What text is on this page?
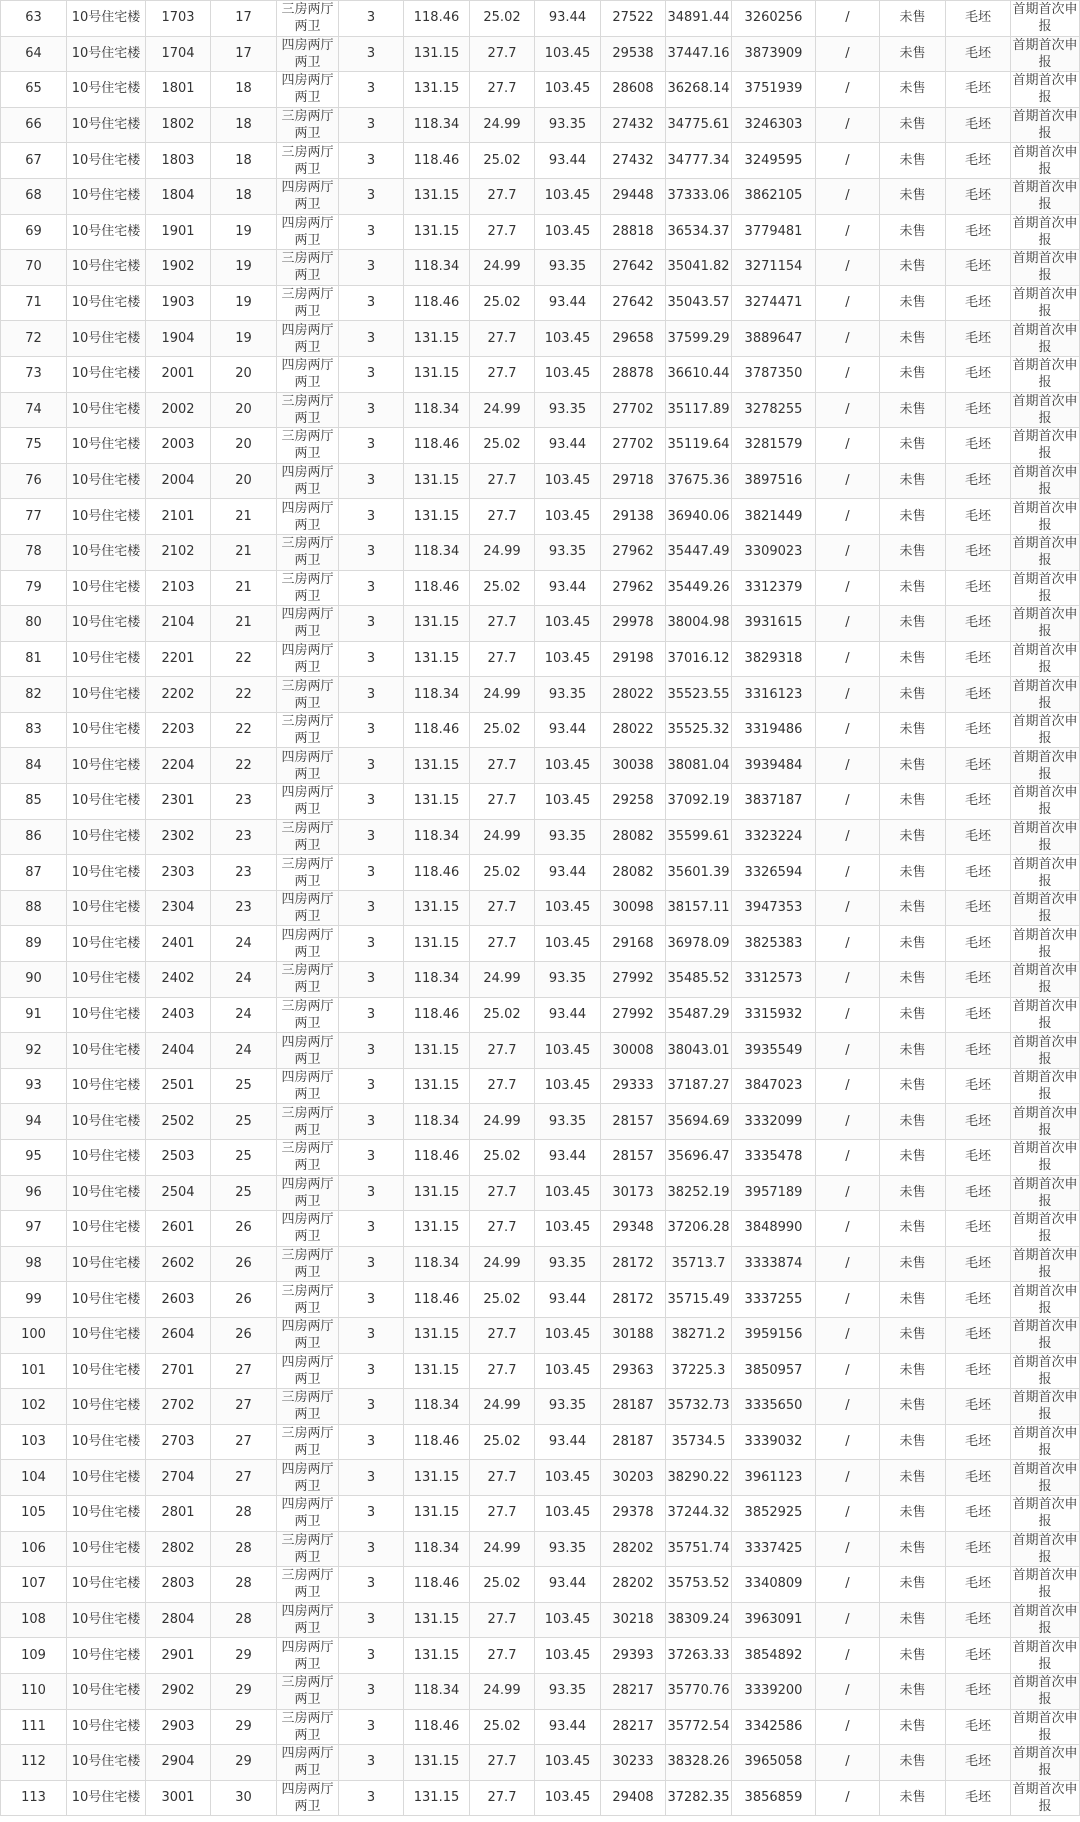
63	10号住宅楼	1703	17	三房两厅两卫	3	118.46	25.02	93.44	27522	34891.44	3260256	/	未售	毛坯	首期首次申报
64	10号住宅楼	1704	17	四房两厅两卫	3	131.15	27.7	103.45	29538	37447.16	3873909	/	未售	毛坯	首期首次申报
65	10号住宅楼	1801	18	四房两厅两卫	3	131.15	27.7	103.45	28608	36268.14	3751939	/	未售	毛坯	首期首次申报
66	10号住宅楼	1802	18	三房两厅两卫	3	118.34	24.99	93.35	27432	34775.61	3246303	/	未售	毛坯	首期首次申报
67	10号住宅楼	1803	18	三房两厅两卫	3	118.46	25.02	93.44	27432	34777.34	3249595	/	未售	毛坯	首期首次申报
68	10号住宅楼	1804	18	四房两厅两卫	3	131.15	27.7	103.45	29448	37333.06	3862105	/	未售	毛坯	首期首次申报
69	10号住宅楼	1901	19	四房两厅两卫	3	131.15	27.7	103.45	28818	36534.37	3779481	/	未售	毛坯	首期首次申报
70	10号住宅楼	1902	19	三房两厅两卫	3	118.34	24.99	93.35	27642	35041.82	3271154	/	未售	毛坯	首期首次申报
71	10号住宅楼	1903	19	三房两厅两卫	3	118.46	25.02	93.44	27642	35043.57	3274471	/	未售	毛坯	首期首次申报
72	10号住宅楼	1904	19	四房两厅两卫	3	131.15	27.7	103.45	29658	37599.29	3889647	/	未售	毛坯	首期首次申报
73	10号住宅楼	2001	20	四房两厅两卫	3	131.15	27.7	103.45	28878	36610.44	3787350	/	未售	毛坯	首期首次申报
74	10号住宅楼	2002	20	三房两厅两卫	3	118.34	24.99	93.35	27702	35117.89	3278255	/	未售	毛坯	首期首次申报
75	10号住宅楼	2003	20	三房两厅两卫	3	118.46	25.02	93.44	27702	35119.64	3281579	/	未售	毛坯	首期首次申报
76	10号住宅楼	2004	20	四房两厅两卫	3	131.15	27.7	103.45	29718	37675.36	3897516	/	未售	毛坯	首期首次申报
77	10号住宅楼	2101	21	四房两厅两卫	3	131.15	27.7	103.45	29138	36940.06	3821449	/	未售	毛坯	首期首次申报
78	10号住宅楼	2102	21	三房两厅两卫	3	118.34	24.99	93.35	27962	35447.49	3309023	/	未售	毛坯	首期首次申报
79	10号住宅楼	2103	21	三房两厅两卫	3	118.46	25.02	93.44	27962	35449.26	3312379	/	未售	毛坯	首期首次申报
80	10号住宅楼	2104	21	四房两厅两卫	3	131.15	27.7	103.45	29978	38004.98	3931615	/	未售	毛坯	首期首次申报
81	10号住宅楼	2201	22	四房两厅两卫	3	131.15	27.7	103.45	29198	37016.12	3829318	/	未售	毛坯	首期首次申报
82	10号住宅楼	2202	22	三房两厅两卫	3	118.34	24.99	93.35	28022	35523.55	3316123	/	未售	毛坯	首期首次申报
83	10号住宅楼	2203	22	三房两厅两卫	3	118.46	25.02	93.44	28022	35525.32	3319486	/	未售	毛坯	首期首次申报
84	10号住宅楼	2204	22	四房两厅两卫	3	131.15	27.7	103.45	30038	38081.04	3939484	/	未售	毛坯	首期首次申报
85	10号住宅楼	2301	23	四房两厅两卫	3	131.15	27.7	103.45	29258	37092.19	3837187	/	未售	毛坯	首期首次申报
86	10号住宅楼	2302	23	三房两厅两卫	3	118.34	24.99	93.35	28082	35599.61	3323224	/	未售	毛坯	首期首次申报
87	10号住宅楼	2303	23	三房两厅两卫	3	118.46	25.02	93.44	28082	35601.39	3326594	/	未售	毛坯	首期首次申报
88	10号住宅楼	2304	23	四房两厅两卫	3	131.15	27.7	103.45	30098	38157.11	3947353	/	未售	毛坯	首期首次申报
89	10号住宅楼	2401	24	四房两厅两卫	3	131.15	27.7	103.45	29168	36978.09	3825383	/	未售	毛坯	首期首次申报
90	10号住宅楼	2402	24	三房两厅两卫	3	118.34	24.99	93.35	27992	35485.52	3312573	/	未售	毛坯	首期首次申报
91	10号住宅楼	2403	24	三房两厅两卫	3	118.46	25.02	93.44	27992	35487.29	3315932	/	未售	毛坯	首期首次申报
92	10号住宅楼	2404	24	四房两厅两卫	3	131.15	27.7	103.45	30008	38043.01	3935549	/	未售	毛坯	首期首次申报
93	10号住宅楼	2501	25	四房两厅两卫	3	131.15	27.7	103.45	29333	37187.27	3847023	/	未售	毛坯	首期首次申报
94	10号住宅楼	2502	25	三房两厅两卫	3	118.34	24.99	93.35	28157	35694.69	3332099	/	未售	毛坯	首期首次申报
95	10号住宅楼	2503	25	三房两厅两卫	3	118.46	25.02	93.44	28157	35696.47	3335478	/	未售	毛坯	首期首次申报
96	10号住宅楼	2504	25	四房两厅两卫	3	131.15	27.7	103.45	30173	38252.19	3957189	/	未售	毛坯	首期首次申报
97	10号住宅楼	2601	26	四房两厅两卫	3	131.15	27.7	103.45	29348	37206.28	3848990	/	未售	毛坯	首期首次申报
98	10号住宅楼	2602	26	三房两厅两卫	3	118.34	24.99	93.35	28172	35713.7	3333874	/	未售	毛坯	首期首次申报
99	10号住宅楼	2603	26	三房两厅两卫	3	118.46	25.02	93.44	28172	35715.49	3337255	/	未售	毛坯	首期首次申报
100	10号住宅楼	2604	26	四房两厅两卫	3	131.15	27.7	103.45	30188	38271.2	3959156	/	未售	毛坯	首期首次申报
101	10号住宅楼	2701	27	四房两厅两卫	3	131.15	27.7	103.45	29363	37225.3	3850957	/	未售	毛坯	首期首次申报
102	10号住宅楼	2702	27	三房两厅两卫	3	118.34	24.99	93.35	28187	35732.73	3335650	/	未售	毛坯	首期首次申报
103	10号住宅楼	2703	27	三房两厅两卫	3	118.46	25.02	93.44	28187	35734.5	3339032	/	未售	毛坯	首期首次申报
104	10号住宅楼	2704	27	四房两厅两卫	3	131.15	27.7	103.45	30203	38290.22	3961123	/	未售	毛坯	首期首次申报
105	10号住宅楼	2801	28	四房两厅两卫	3	131.15	27.7	103.45	29378	37244.32	3852925	/	未售	毛坯	首期首次申报
106	10号住宅楼	2802	28	三房两厅两卫	3	118.34	24.99	93.35	28202	35751.74	3337425	/	未售	毛坯	首期首次申报
107	10号住宅楼	2803	28	三房两厅两卫	3	118.46	25.02	93.44	28202	35753.52	3340809	/	未售	毛坯	首期首次申报
108	10号住宅楼	2804	28	四房两厅两卫	3	131.15	27.7	103.45	30218	38309.24	3963091	/	未售	毛坯	首期首次申报
109	10号住宅楼	2901	29	四房两厅两卫	3	131.15	27.7	103.45	29393	37263.33	3854892	/	未售	毛坯	首期首次申报
110	10号住宅楼	2902	29	三房两厅两卫	3	118.34	24.99	93.35	28217	35770.76	3339200	/	未售	毛坯	首期首次申报
111	10号住宅楼	2903	29	三房两厅两卫	3	118.46	25.02	93.44	28217	35772.54	3342586	/	未售	毛坯	首期首次申报
112	10号住宅楼	2904	29	四房两厅两卫	3	131.15	27.7	103.45	30233	38328.26	3965058	/	未售	毛坯	首期首次申报
113	10号住宅楼	3001	30	四房两厅两卫	3	131.15	27.7	103.45	29408	37282.35	3856859	/	未售	毛坯	首期首次申报
